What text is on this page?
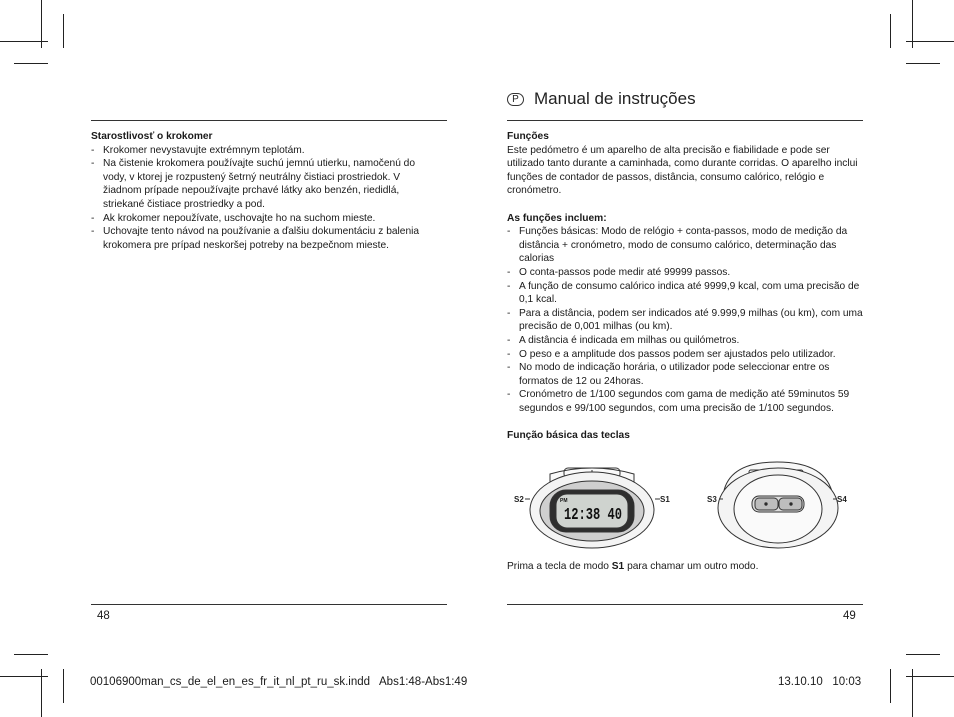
Starostlivosť o krokomer

- Krokomer nevystavujte extrémnym teplotám.
- Na čistenie krokomera používajte suchú jemnú utierku, namočenú do vody, v ktorej je rozpustený šetrný neutrálny čistiaci prostriedok. V žiadnom prípade nepoužívajte prchavé látky ako benzén, riedidlá, striekané čistiace prostriedky a pod.
- Ak krokomer nepoužívate, uschovajte ho na suchom mieste.
- Uchovajte tento návod na používanie a ďalšiu dokumentáciu z balenia krokomera pre prípad neskoršej potreby na bezpečnom mieste.
48
P Manual de instruções

Funções

Este pedómetro é um aparelho de alta precisão e fiabilidade e pode ser utilizado tanto durante a caminhada, como durante corridas. O aparelho inclui funções de contador de passos, distância, consumo calórico, relógio e cronómetro.

As funções incluem:

- Funções básicas: Modo de relógio + conta-passos, modo de medição da distância + cronómetro, modo de consumo calórico, determinação das calorias
- O conta-passos pode medir até 99999 passos.
- A função de consumo calórico indica até 9999,9 kcal, com uma precisão de 0,1 kcal.
- Para a distância, podem ser indicados até 9.999,9 milhas (ou km), com uma precisão de 0,001 milhas (ou km).
- A distância é indicada em milhas ou quilómetros.
- O peso e a amplitude dos passos podem ser ajustados pelo utilizador.
- No modo de indicação horária, o utilizador pode seleccionar entre os formatos de 12 ou 24horas.
- Cronómetro de 1/100 segundos com gama de medição até 59minutos 59 segundos e 99/100 segundos, com uma precisão de 1/100 segundos.

Função básica das teclas

S2	S1
PM
12:38 40
S3	S4

Prima a tecla de modo S1 para chamar um outro modo.

49
00106900man_cs_de_el_en_es_fr_it_nl_pt_ru_sk.indd   Abs1:48-Abs1:49	13.10.10   10:03
